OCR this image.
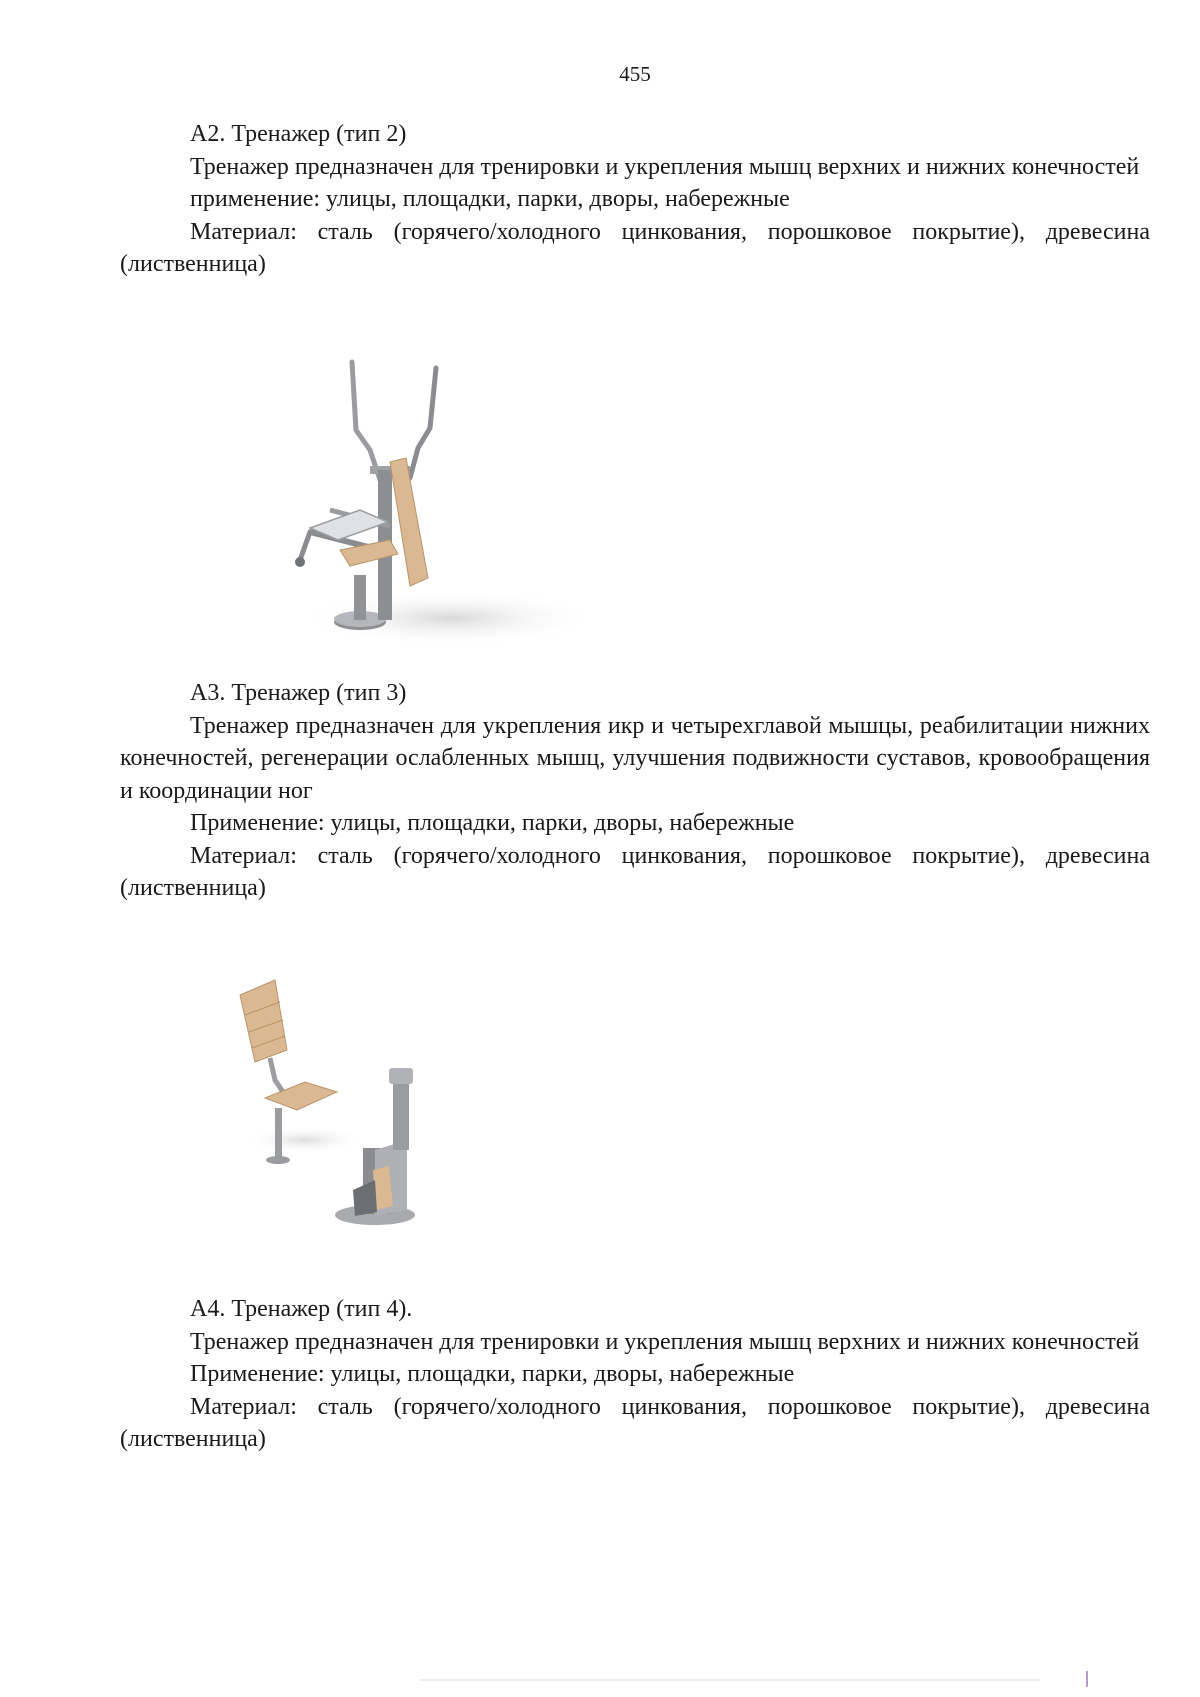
455

А2. Тренажер (тип 2)

Тренажер предназначен для тренировки и укрепления мышц верхних и нижних конечностей

применение: улицы, площадки, парки, дворы, набережные

Материал: сталь (горячего/холодного цинкования, порошковое покрытие), древесина (лиственница)

А3. Тренажер (тип 3)

Тренажер предназначен для укрепления икр и четырехглавой мышцы, реабилитации нижних конечностей, регенерации ослабленных мышц, улучшения подвижности суставов, кровообращения и координации ног

Применение: улицы, площадки, парки, дворы, набережные

Материал: сталь (горячего/холодного цинкования, порошковое покрытие), древесина (лиственница)

А4. Тренажер (тип 4).

Тренажер предназначен для тренировки и укрепления мышц верхних и нижних конечностей

Применение: улицы, площадки, парки, дворы, набережные

Материал: сталь (горячего/холодного цинкования, порошковое покрытие), древесина (лиственница)
